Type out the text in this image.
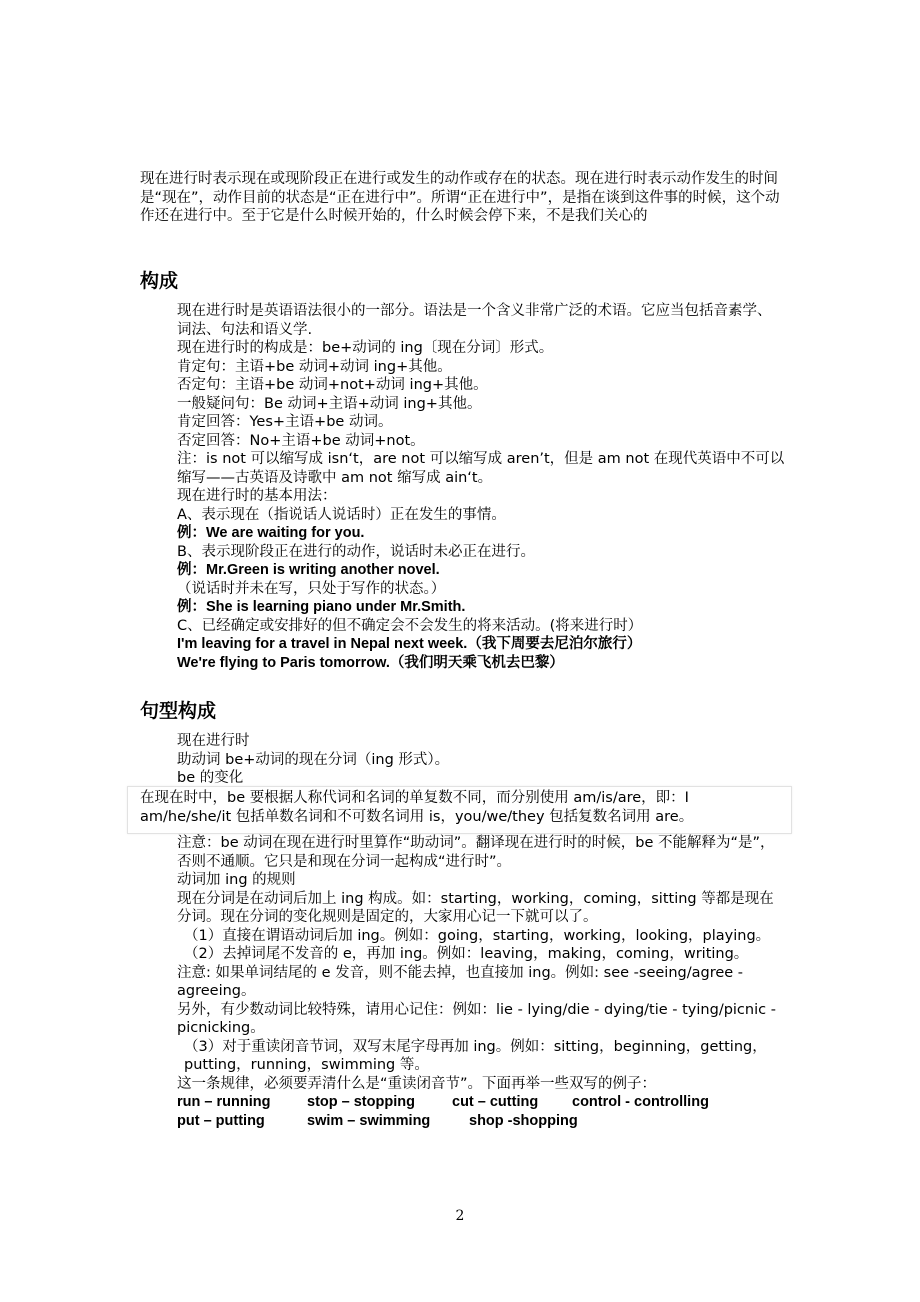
现在进行时表示现在或现阶段正在进行或发生的动作或存在的状态。现在进行时表示动作发生的时间是“现在”，动作目前的状态是“正在进行中”。所谓“正在进行中”，是指在谈到这件事的时候，这个动作还在进行中。至于它是什么时候开始的，什么时候会停下来，不是我们关心的
构成
现在进行时是英语语法很小的一部分。语法是一个含义非常广泛的术语。它应当包括音素学、词法、句法和语义学.
现在进行时的构成是：be+动词的 ing〔现在分词〕形式。
肯定句：主语+be 动词+动词 ing+其他。
否定句：主语+be 动词+not+动词 ing+其他。
一般疑问句：Be 动词+主语+动词 ing+其他。
肯定回答：Yes+主语+be 动词。
否定回答：No+主语+be 动词+not。
注：is not 可以缩写成 isn‘t，are not 可以缩写成 aren’t，但是 am not 在现代英语中不可以缩写——古英语及诗歌中 am not 缩写成 ain‘t。
现在进行时的基本用法：
A、表示现在（指说话人说话时）正在发生的事情。
例：We are waiting for you.
B、表示现阶段正在进行的动作，说话时未必正在进行。
例：Mr.Green is writing another novel.
（说话时并未在写，只处于写作的状态。）
例：She is learning piano under Mr.Smith.
C、已经确定或安排好的但不确定会不会发生的将来活动。(将来进行时）
I'm leaving for a travel in Nepal next week.（我下周要去尼泊尔旅行）
We're flying to Paris tomorrow.（我们明天乘飞机去巴黎）
句型构成
现在进行时
助动词 be+动词的现在分词（ing 形式）。
be 的变化
在现在时中，be 要根据人称代词和名词的单复数不同，而分别使用 am/is/are，即：I am/he/she/it 包括单数名词和不可数名词用 is，you/we/they 包括复数名词用 are。
注意：be 动词在现在进行时里算作“助动词”。翻译现在进行时的时候，be 不能解释为“是”，否则不通顺。它只是和现在分词一起构成“进行时”。
动词加 ing 的规则
现在分词是在动词后加上 ing 构成。如：starting，working，coming，sitting 等都是现在分词。现在分词的变化规则是固定的，大家用心记一下就可以了。
（1）直接在谓语动词后加 ing。例如：going，starting，working，looking，playing。
（2）去掉词尾不发音的 e，再加 ing。例如：leaving，making，coming，writing。
注意: 如果单词结尾的 e 发音，则不能去掉，也直接加 ing。例如: see -seeing/agree - agreeing。
另外，有少数动词比较特殊，请用心记住：例如：lie - lying/die - dying/tie - tying/picnic - picnicking。
（3）对于重读闭音节词，双写末尾字母再加 ing。例如：sitting，beginning，getting，putting，running，swimming 等。
这一条规律，必须要弄清什么是“重读闭音节”。下面再举一些双写的例子：
run – running	stop – stopping	cut – cutting control - controlling
put – putting	swim – swimming	shop -shopping
2
